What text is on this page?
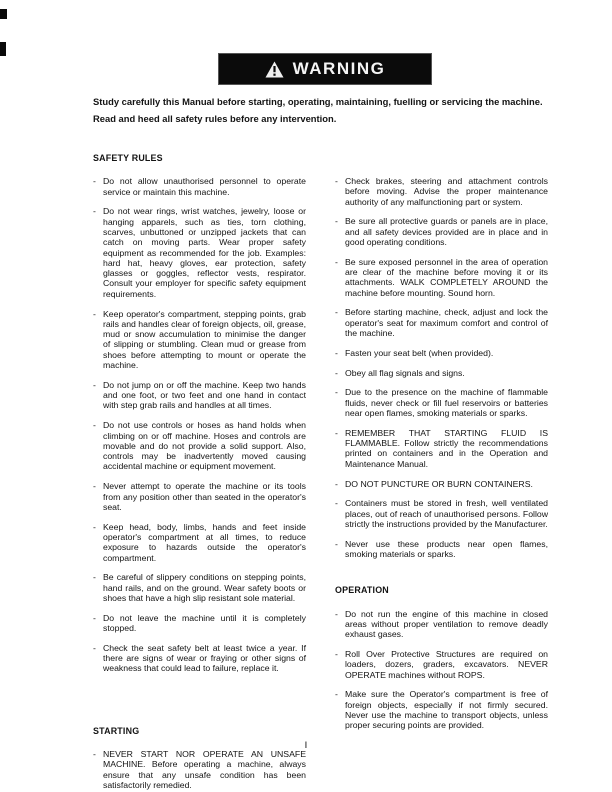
WARNING

Study carefully this Manual before starting, operating, maintaining, fuelling or servicing the machine.

Read and heed all safety rules before any intervention.

SAFETY RULES
- Do not allow unauthorised personnel to operate service or maintain this machine.
- Do not wear rings, wrist watches, jewelry, loose or hanging apparels, such as ties, torn clothing, scarves, unbuttoned or unzipped jackets that can catch on moving parts. Wear proper safety equipment as recommended for the job. Examples: hard hat, heavy gloves, ear protection, safety glasses or goggles, reflector vests, respirator. Consult your employer for specific safety equipment requirements.
- Keep operator's compartment, stepping points, grab rails and handles clear of foreign objects, oil, grease, mud or snow accumulation to minimise the danger of slipping or stumbling. Clean mud or grease from shoes before attempting to mount or operate the machine.
- Do not jump on or off the machine. Keep two hands and one foot, or two feet and one hand in contact with step grab rails and handles at all times.
- Do not use controls or hoses as hand holds when climbing on or off machine. Hoses and controls are movable and do not provide a solid support. Also, controls may be inadvertently moved causing accidental machine or equipment movement.
- Never attempt to operate the machine or its tools from any position other than seated in the operator's seat.
- Keep head, body, limbs, hands and feet inside operator's compartment at all times, to reduce exposure to hazards outside the operator's compartment.
- Be careful of slippery conditions on stepping points, hand rails, and on the ground. Wear safety boots or shoes that have a high slip resistant sole material.
- Do not leave the machine until it is completely stopped.
- Check the seat safety belt at least twice a year. If there are signs of wear or fraying or other signs of weakness that could lead to failure, replace it.
STARTING
- NEVER START NOR OPERATE AN UNSAFE MACHINE. Before operating a machine, always ensure that any unsafe condition has been satisfactorily remedied.
- Check brakes, steering and attachment controls before moving. Advise the proper maintenance authority of any malfunctioning part or system.
- Be sure all protective guards or panels are in place, and all safety devices provided are in place and in good operating conditions.
- Be sure exposed personnel in the area of operation are clear of the machine before moving it or its attachments. WALK COMPLETELY AROUND the machine before mounting. Sound horn.
- Before starting machine, check, adjust and lock the operator's seat for maximum comfort and control of the machine.
- Fasten your seat belt (when provided).
- Obey all flag signals and signs.
- Due to the presence on the machine of flammable fluids, never check or fill fuel reservoirs or batteries near open flames, smoking materials or sparks.
- REMEMBER THAT STARTING FLUID IS FLAMMABLE. Follow strictly the recommendations printed on containers and in the Operation and Maintenance Manual.
- DO NOT PUNCTURE OR BURN CONTAINERS.
- Containers must be stored in fresh, well ventilated places, out of reach of unauthorised persons. Follow strictly the instructions provided by the Manufacturer.
- Never use these products near open flames, smoking materials or sparks.
OPERATION
- Do not run the engine of this machine in closed areas without proper ventilation to remove deadly exhaust gases.
- Roll Over Protective Structures are required on loaders, dozers, graders, excavators. NEVER OPERATE machines without ROPS.
- Make sure the Operator's compartment is free of foreign objects, especially if not firmly secured. Never use the machine to transport objects, unless proper securing points are provided.
I
